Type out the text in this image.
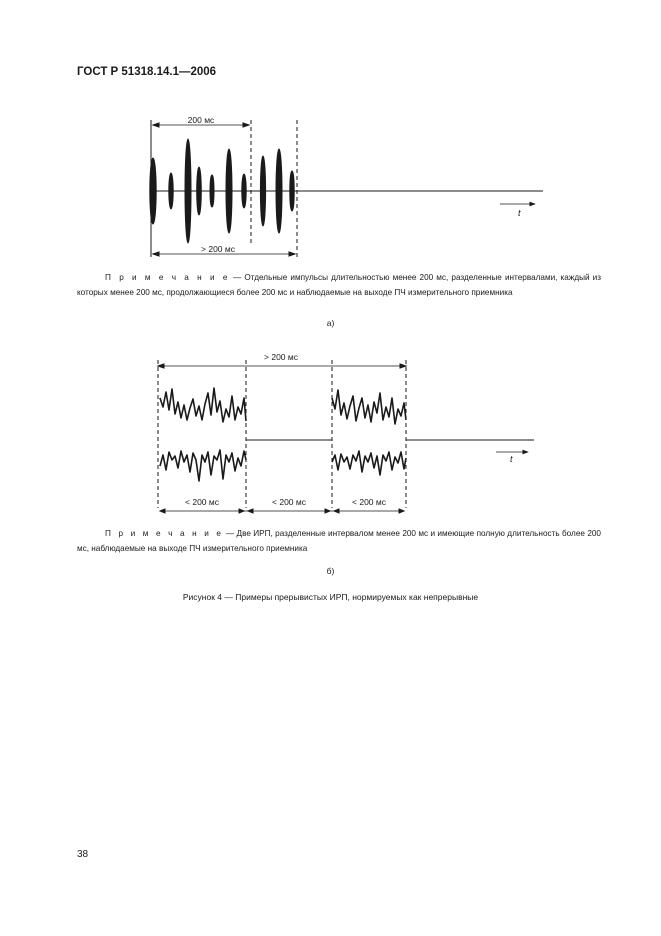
ГОСТ Р 51318.14.1—2006
200 мс
> 200 мс
t
> 200 мс
< 200 мс	< 200 мс	< 200 мс
t
П р и м е ч а н и е — Отдельные импульсы длительностью менее 200 мс, разделенные интервалами, каждый из которых менее 200 мс, продолжающиеся более 200 мс и наблюдаемые на выходе ПЧ измерительного приемника
а)
П р и м е ч а н и е — Две ИРП, разделенные интервалом менее 200 мс и имеющие полную длительность более 200 мс, наблюдаемые на выходе ПЧ измерительного приемника
б)
Рисунок 4 — Примеры прерывистых ИРП, нормируемых как непрерывные
38
